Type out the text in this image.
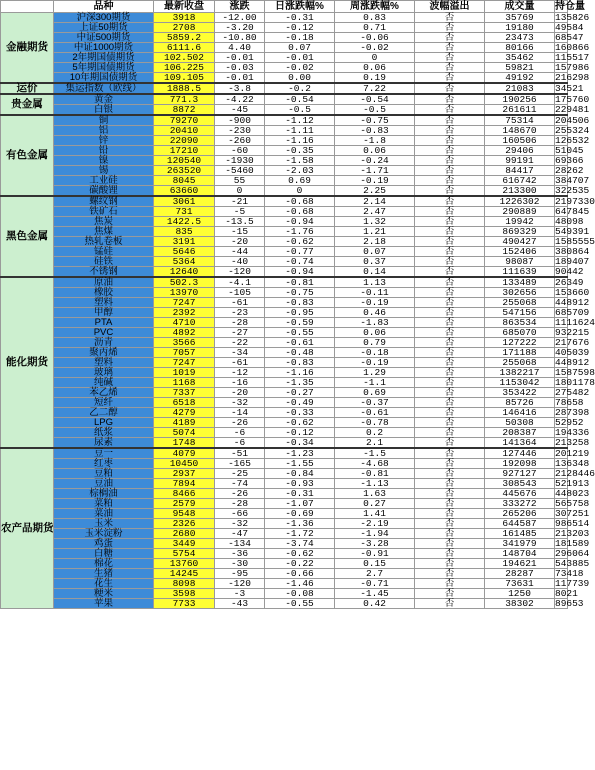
	品种	最新收盘	涨跌	日涨跌幅%	周涨跌幅%	波幅溢出	成交量	持仓量
金融期货	沪深300期货	3918	-12.00	-0.31	0.83	否	35769	135826
	上证50期货	2708	-3.20	-0.12	0.71	否	19180	49584
	中证500期货	5859.2	-10.80	-0.18	-0.06	否	23473	68547
	中证1000期货	6111.6	4.40	0.07	-0.02	否	80166	160866
	2年期国债期货	102.502	-0.01	-0.01	0	否	35462	115517
	5年期国债期货	106.225	-0.03	-0.02	0.06	否	59821	157986
	10年期国债期货	109.105	-0.01	0.00	0.19	否	49192	216298
运价	集运指数（欧线）	1888.5	-3.8	-0.2	7.22	否	21083	34521
贵金属	黄金	771.3	-4.22	-0.54	-0.54	否	190256	175760
	白银	8872	-45	-0.5	-0.5	否	261611	229481
有色金属	铜	79270	-900	-1.12	-0.75	否	75314	204506
	铝	20410	-230	-1.11	-0.83	否	148670	255324
	锌	22090	-260	-1.16	-1.8	否	160506	126532
	铅	17210	-60	-0.35	0.06	否	29406	51045
	镍	120540	-1930	-1.58	-0.24	否	99191	69366
	锡	263520	-5460	-2.03	-1.71	否	84417	28262
	工业硅	8045	55	0.69	-0.19	否	616742	384707
	碳酸锂	63660	0	0	2.25	否	213300	322535
黑色金属	螺纹钢	3061	-21	-0.68	2.14	否	1226302	2197330
	铁矿石	731	-5	-0.68	2.47	否	290889	647845
	焦炭	1422.5	-13.5	-0.94	1.32	否	19942	48098
	焦煤	835	-15	-1.76	1.21	否	869329	549391
	热轧卷板	3191	-20	-0.62	2.18	否	490427	1585555
	锰硅	5646	-44	-0.77	0.07	否	152406	380864
	硅铁	5364	-40	-0.74	0.37	否	98087	189407
	不锈钢	12640	-120	-0.94	0.14	否	111639	90442
能化期货	原油	502.3	-4.1	-0.81	1.13	否	133489	26349
	橡胶	13970	-105	-0.75	-0.11	否	302656	153660
	塑料	7247	-61	-0.83	-0.19	否	255068	448912
	甲醇	2392	-23	-0.95	0.46	否	547156	685709
	PTA	4710	-28	-0.59	-1.83	否	863534	1111624
	PVC	4892	-27	-0.55	0.06	否	685070	932215
	沥青	3566	-22	-0.61	0.79	否	127222	217676
	聚丙烯	7057	-34	-0.48	-0.18	否	171188	405039
	塑料	7247	-61	-0.83	-0.19	否	255068	448912
	玻璃	1019	-12	-1.16	1.29	否	1382217	1587598
	纯碱	1168	-16	-1.35	-1.1	否	1153042	1801178
	苯乙烯	7337	-20	-0.27	0.69	否	353422	275482
	短纤	6518	-32	-0.49	-0.37	否	85726	78658
	乙二醇	4279	-14	-0.33	-0.61	否	146416	287398
	LPG	4189	-26	-0.62	-0.78	否	50308	52952
	纸浆	5074	-6	-0.12	0.2	否	208387	194336
	尿素	1748	-6	-0.34	2.1	否	141364	213258
农产品期货	豆一	4079	-51	-1.23	-1.5	否	127446	201219
	红枣	10450	-165	-1.55	-4.68	否	192098	136348
	豆粕	2937	-25	-0.84	-0.81	否	927127	2128446
	豆油	7894	-74	-0.93	-1.13	否	308543	521913
	棕榈油	8466	-26	-0.31	1.63	否	445676	448023
	菜粕	2579	-28	-1.07	0.27	否	333272	565758
	菜油	9548	-66	-0.69	1.41	否	265206	307251
	玉米	2326	-32	-1.36	-2.19	否	644587	986514
	玉米淀粉	2680	-47	-1.72	-1.94	否	161485	213203
	鸡蛋	3449	-134	-3.74	-3.28	否	341979	181589
	白糖	5754	-36	-0.62	-0.91	否	148704	296064
	棉花	13760	-30	-0.22	0.15	否	194621	543885
	生猪	14245	-95	-0.66	2.7	否	28287	73418
	花生	8098	-120	-1.46	-0.71	否	73631	117739
	粳米	3598	-3	-0.08	-1.45	否	1250	8021
	苹果	7733	-43	-0.55	0.42	否	38302	89653
